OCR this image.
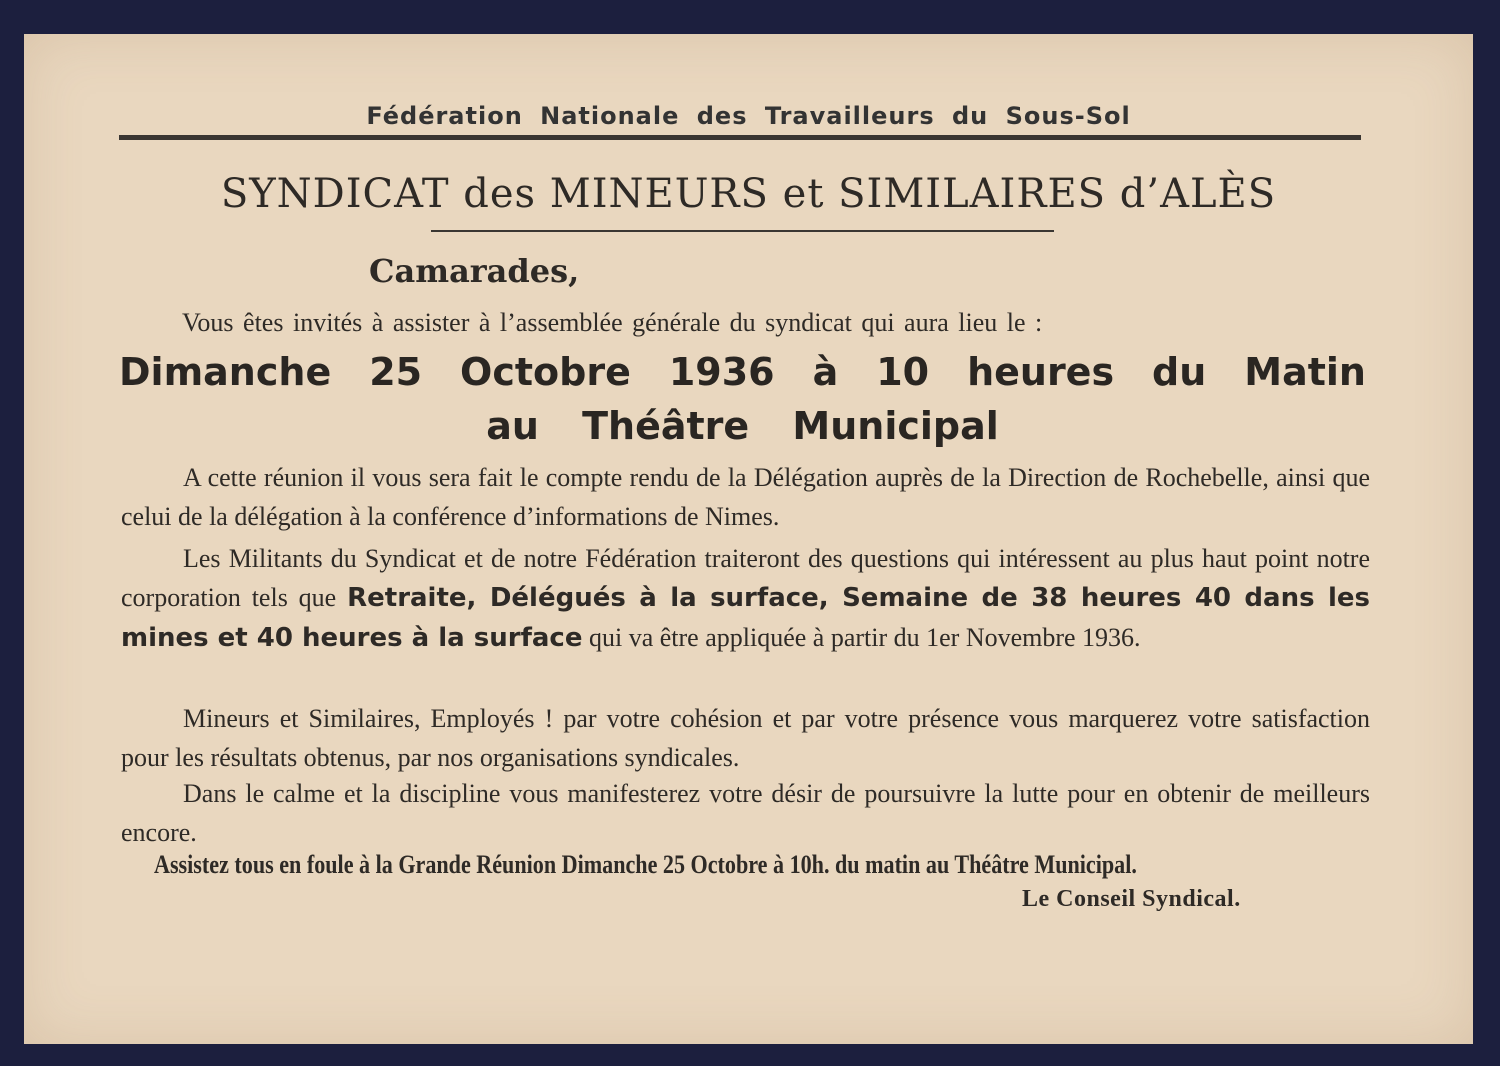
Fédération Nationale des Travailleurs du Sous-Sol
SYNDICAT des MINEURS et SIMILAIRES d’ALÈS
Camarades,
Vous êtes invités à assister à l’assemblée générale du syndicat qui aura lieu le :
Dimanche 25 Octobre 1936 à 10 heures du Matin
au Théâtre Municipal
A cette réunion il vous sera fait le compte rendu de la Délégation auprès de la Direction de Rochebelle, ainsi que celui de la délégation à la conférence d’informations de Nimes.
Les Militants du Syndicat et de notre Fédération traiteront des questions qui intéressent au plus haut point notre corporation tels que Retraite, Délégués à la surface, Semaine de 38 heures 40 dans les mines et 40 heures à la surface qui va être appliquée à partir du 1er Novembre 1936.
Mineurs et Similaires, Employés ! par votre cohésion et par votre présence vous marquerez votre satisfaction pour les résultats obtenus, par nos organisations syndicales.
Dans le calme et la discipline vous manifesterez votre désir de poursuivre la lutte pour en obtenir de meilleurs encore.
Assistez tous en foule à la Grande Réunion Dimanche 25 Octobre à 10h. du matin au Théâtre Municipal.
Le Conseil Syndical.
